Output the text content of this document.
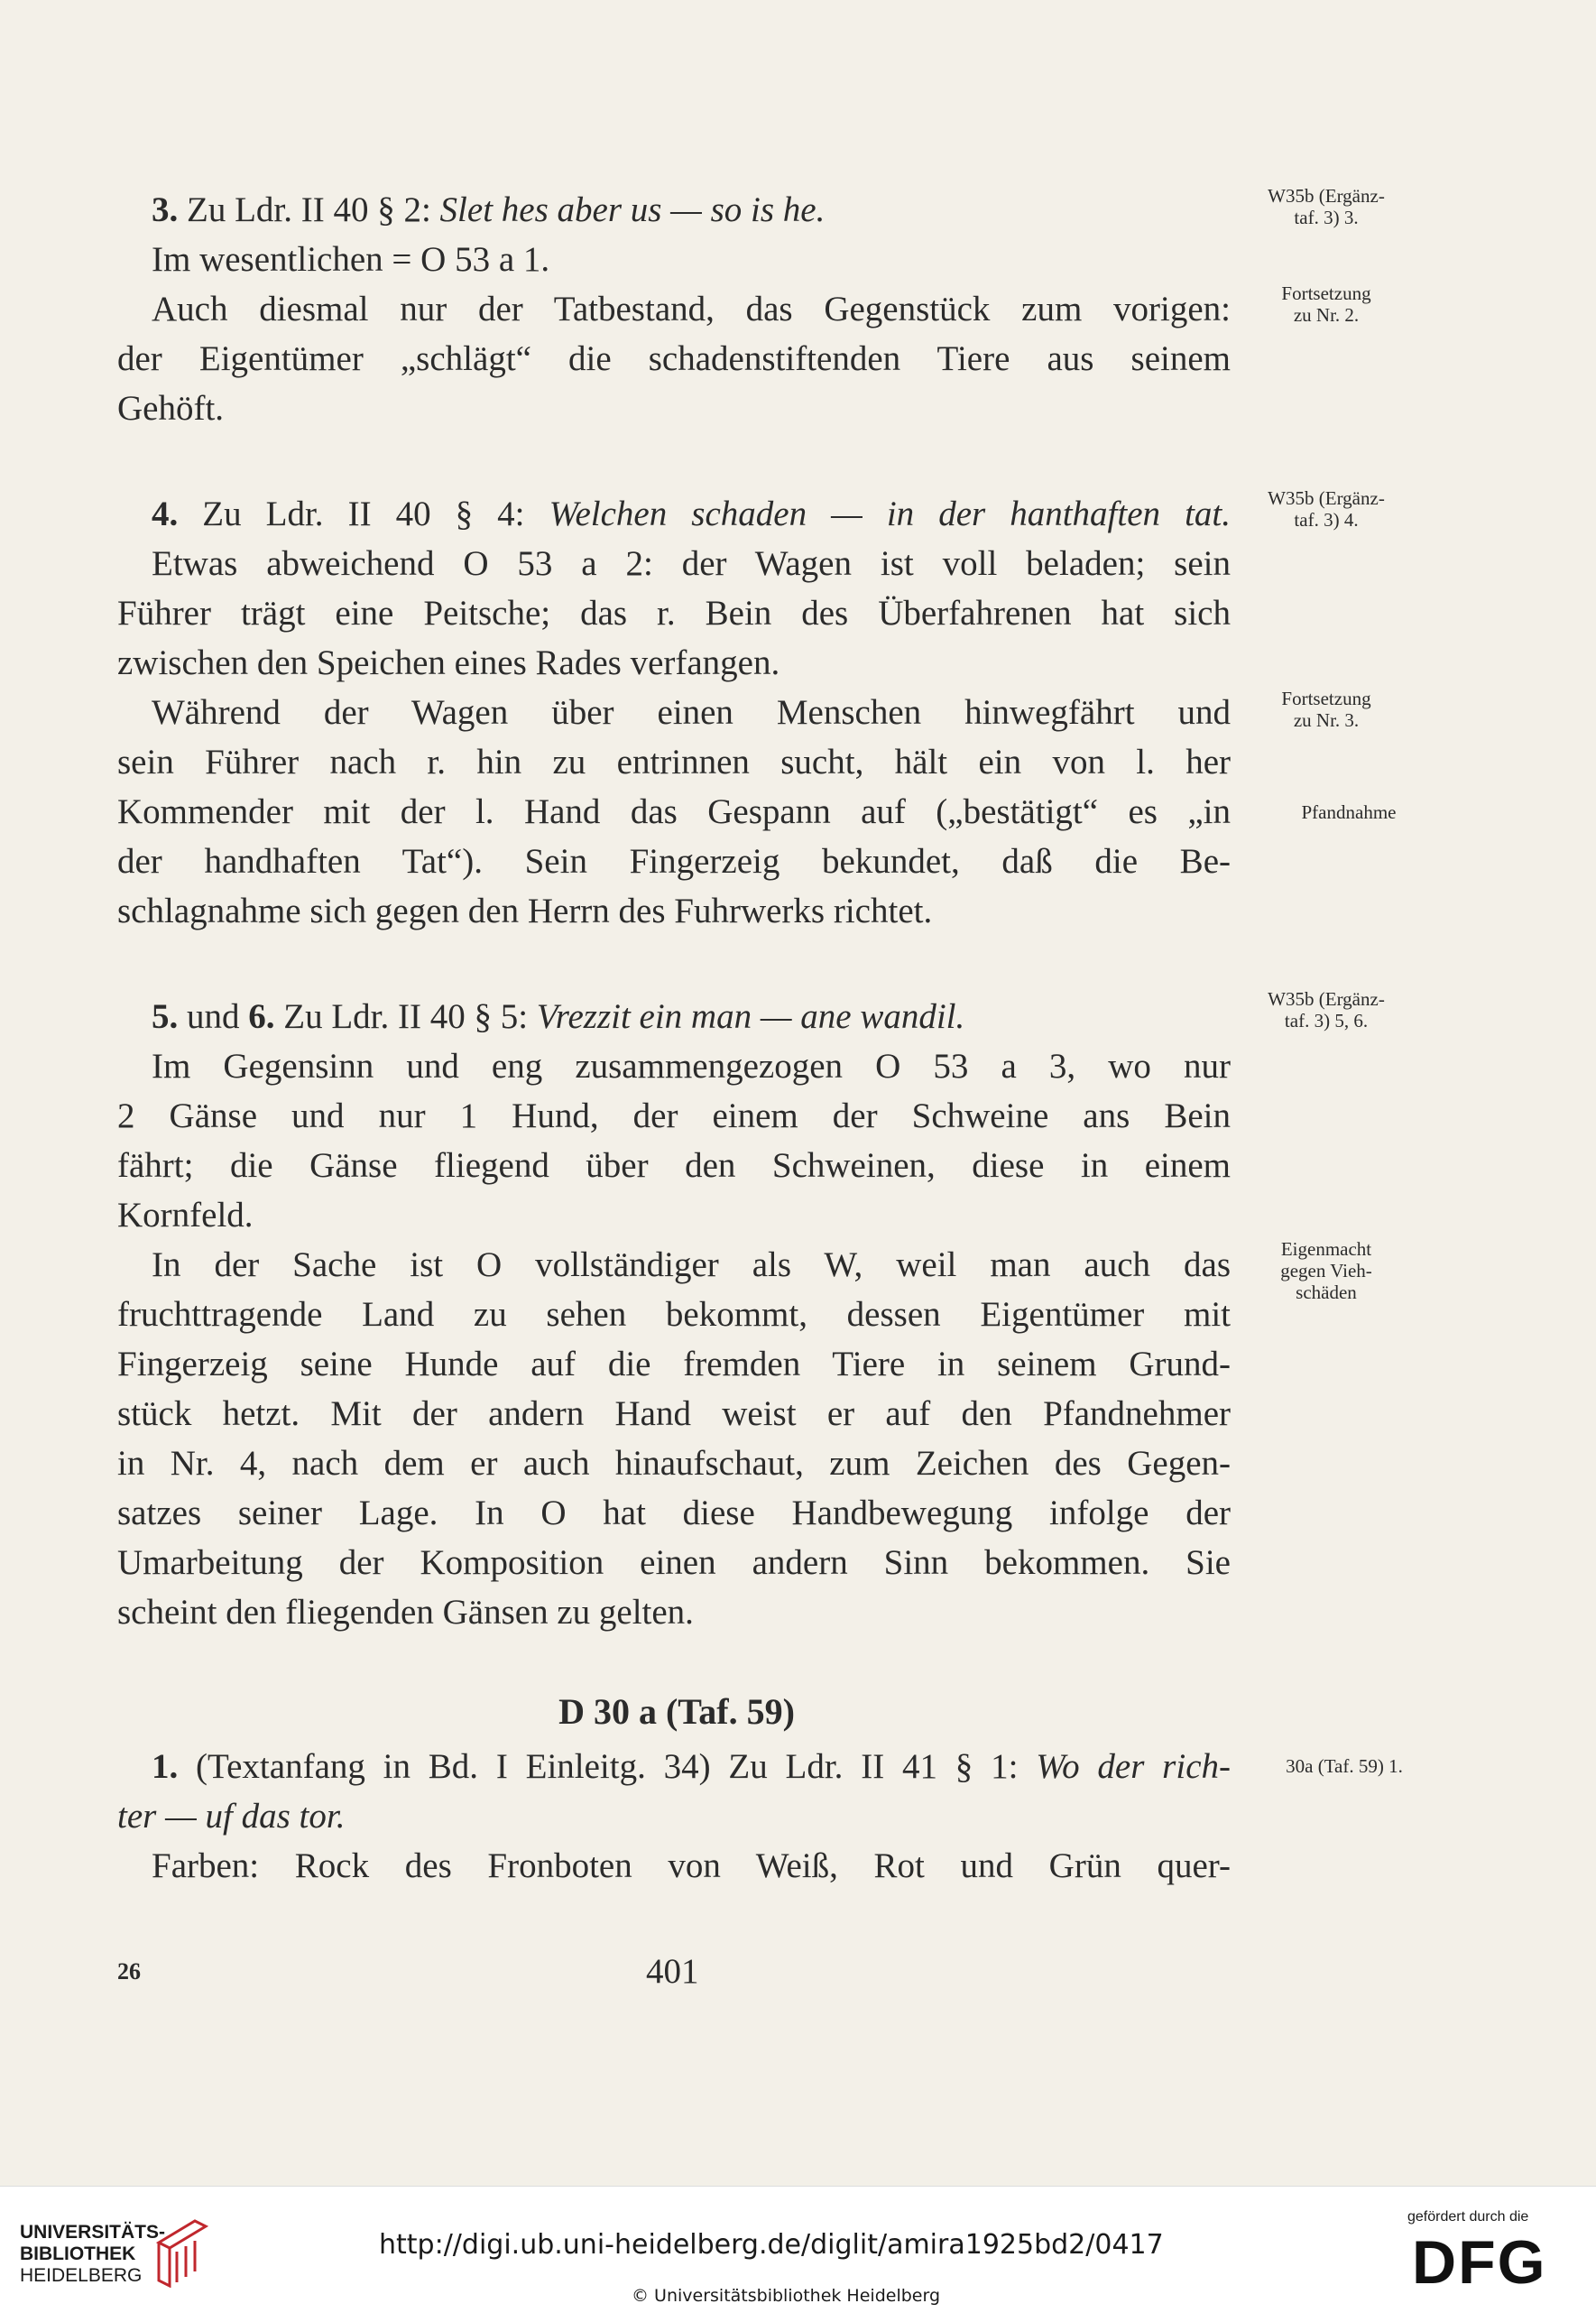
3. Zu Ldr. II 40 § 2: Slet hes aber us — so is he.	W35b (Ergänz-
taf. 3) 3.
Im wesentlichen = O 53 a 1.
Auch diesmal nur der Tatbestand, das Gegenstück zum vorigen:	Fortsetzung
zu Nr. 2.
der Eigentümer „schlägt“ die schadenstiftenden Tiere aus seinem
Gehöft.
4. Zu Ldr. II 40 § 4: Welchen schaden — in der hanthaften tat.	W35b (Ergänz-
taf. 3) 4.
Etwas abweichend O 53 a 2: der Wagen ist voll beladen; sein
Führer trägt eine Peitsche; das r. Bein des Überfahrenen hat sich
zwischen den Speichen eines Rades verfangen.
Während der Wagen über einen Menschen hinwegfährt und	Fortsetzung
zu Nr. 3.
sein Führer nach r. hin zu entrinnen sucht, hält ein von l. her
Kommender mit der l. Hand das Gespann auf („bestätigt“ es „in	Pfandnahme
der handhaften Tat“). Sein Fingerzeig bekundet, daß die Be-
schlagnahme sich gegen den Herrn des Fuhrwerks richtet.
5. und 6. Zu Ldr. II 40 § 5: Vrezzit ein man — ane wandil.	W35b (Ergänz-
taf. 3) 5, 6.
Im Gegensinn und eng zusammengezogen O 53 a 3, wo nur
2 Gänse und nur 1 Hund, der einem der Schweine ans Bein
fährt; die Gänse fliegend über den Schweinen, diese in einem
Kornfeld.
In der Sache ist O vollständiger als W, weil man auch das	Eigenmacht
gegen Vieh-
schäden
fruchttragende Land zu sehen bekommt, dessen Eigentümer mit
Fingerzeig seine Hunde auf die fremden Tiere in seinem Grund-
stück hetzt. Mit der andern Hand weist er auf den Pfandnehmer
in Nr. 4, nach dem er auch hinaufschaut, zum Zeichen des Gegen-
satzes seiner Lage. In O hat diese Handbewegung infolge der
Umarbeitung der Komposition einen andern Sinn bekommen. Sie
scheint den fliegenden Gänsen zu gelten.
D 30 a (Taf. 59)
1. (Textanfang in Bd. I Einleitg. 34) Zu Ldr. II 41 § 1: Wo der rich-	30a (Taf. 59) 1.
ter — uf das tor.
Farben: Rock des Fronboten von Weiß, Rot und Grün quer-
26	401
UNIVERSITÄTS-
BIBLIOTHEK
HEIDELBERG
http://digi.ub.uni-heidelberg.de/diglit/amira1925bd2/0417
© Universitätsbibliothek Heidelberg
gefördert durch die
DFG
